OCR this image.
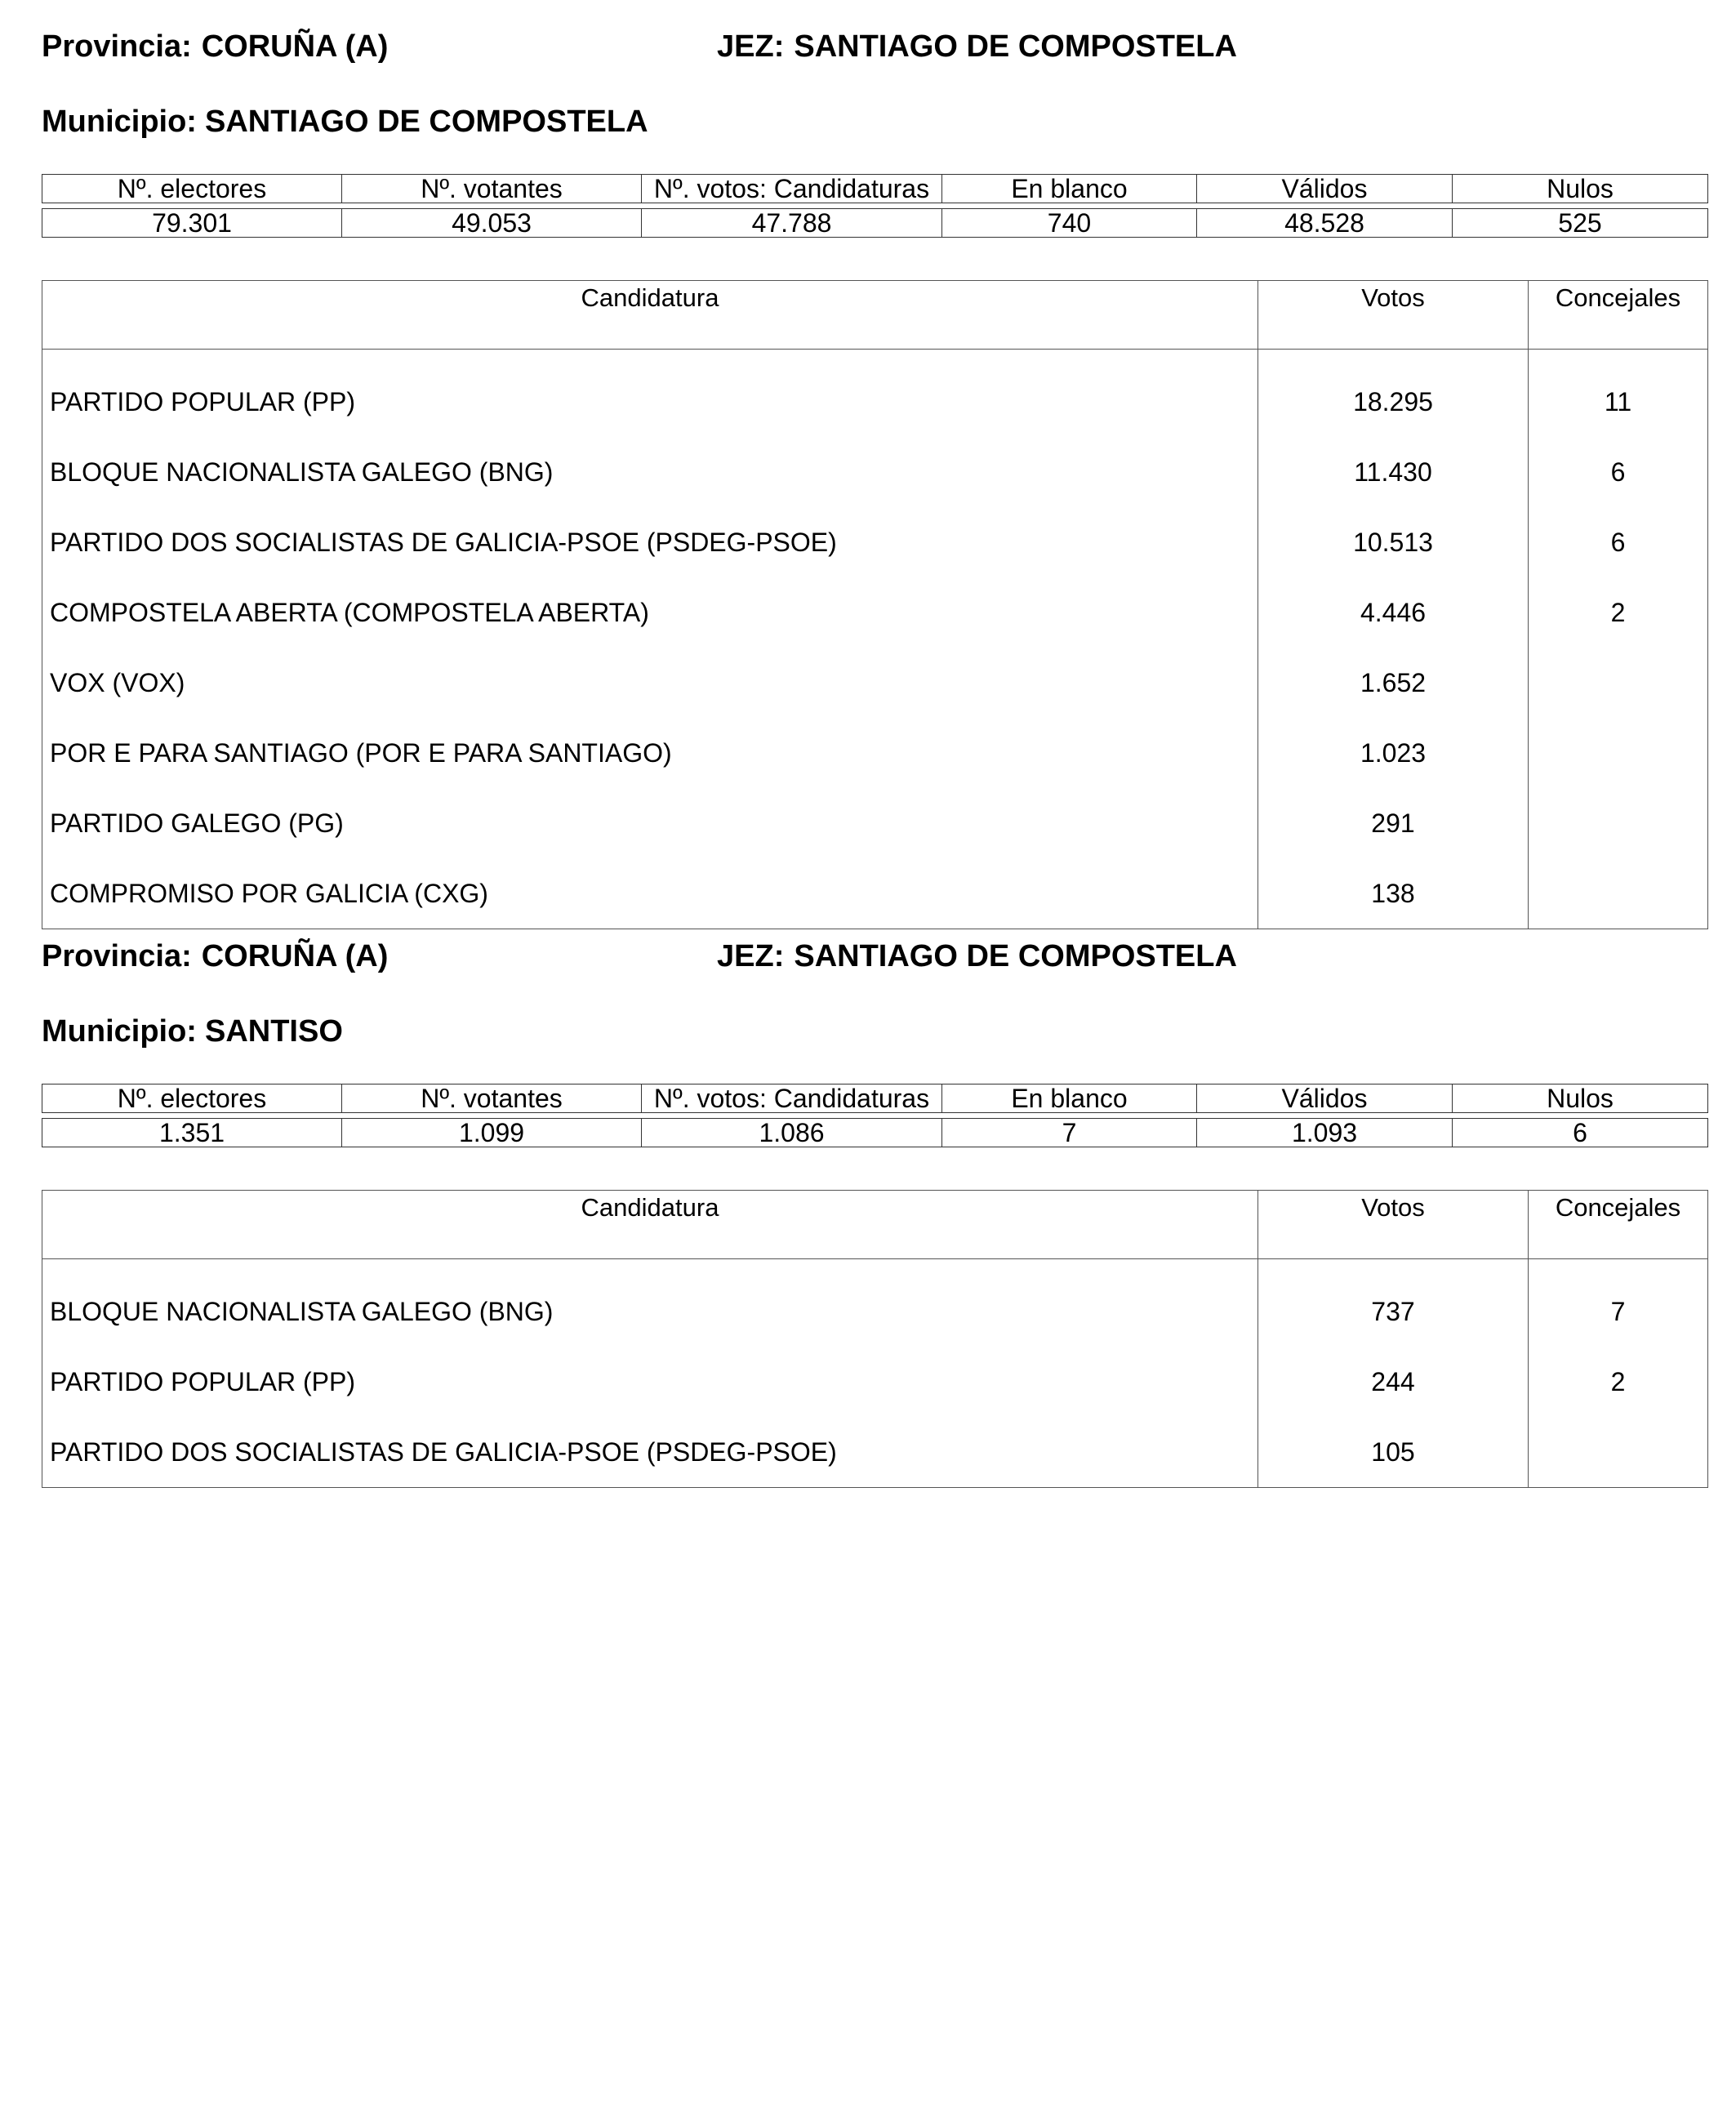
Provincia: CORUÑA (A)	JEZ: SANTIAGO DE COMPOSTELA
Municipio: SANTIAGO DE COMPOSTELA
Nº. electores	Nº. votantes	Nº. votos: Candidaturas	En blanco	Válidos	Nulos

79.301	49.053	47.788	740	48.528	525
Candidatura	Votos	Concejales
PARTIDO POPULAR (PP)	18.295	11
BLOQUE NACIONALISTA GALEGO (BNG)	11.430	6
PARTIDO DOS SOCIALISTAS DE GALICIA-PSOE (PSDEG-PSOE)	10.513	6
COMPOSTELA ABERTA (COMPOSTELA ABERTA)	4.446	2
VOX (VOX)	1.652	
POR E PARA SANTIAGO (POR E PARA SANTIAGO)	1.023	
PARTIDO GALEGO (PG)	291	
COMPROMISO POR GALICIA (CXG)	138	
Provincia: CORUÑA (A)	JEZ: SANTIAGO DE COMPOSTELA
Municipio: SANTISO
Nº. electores	Nº. votantes	Nº. votos: Candidaturas	En blanco	Válidos	Nulos

1.351	1.099	1.086	7	1.093	6
Candidatura	Votos	Concejales
BLOQUE NACIONALISTA GALEGO (BNG)	737	7
PARTIDO POPULAR (PP)	244	2
PARTIDO DOS SOCIALISTAS DE GALICIA-PSOE (PSDEG-PSOE)	105	
